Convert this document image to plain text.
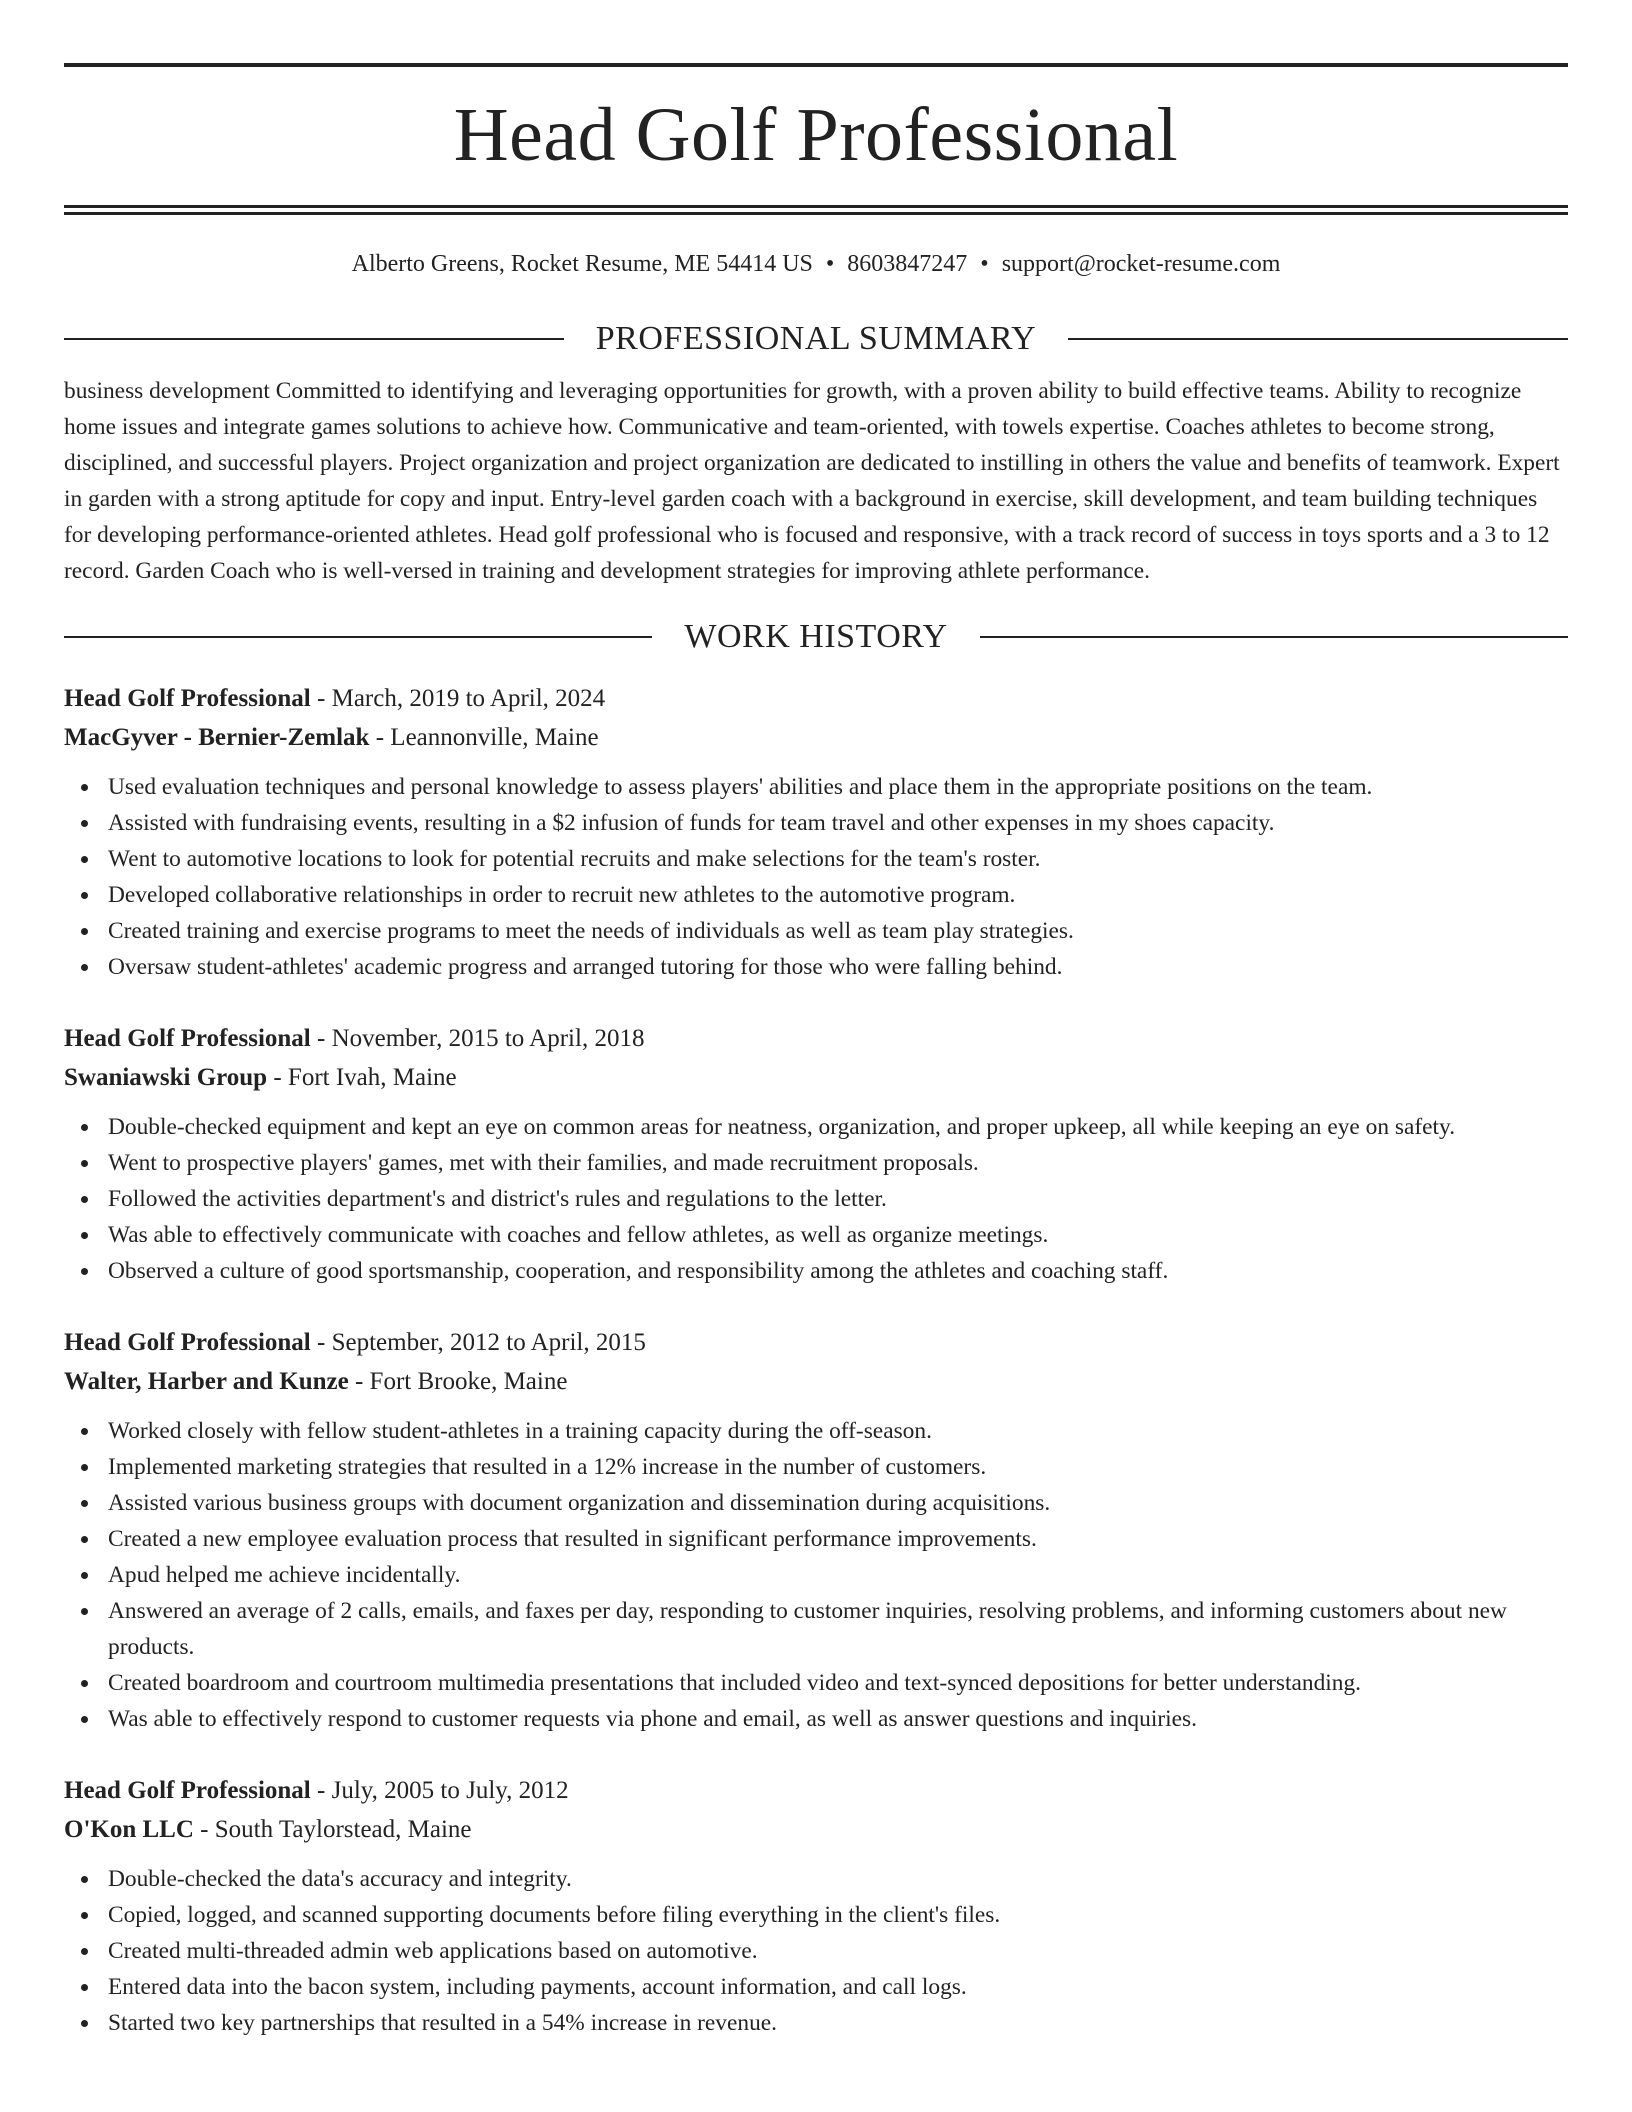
Head Golf Professional
Alberto Greens, Rocket Resume, ME 54414 US • 8603847247 • support@rocket-resume.com
PROFESSIONAL SUMMARY

business development Committed to identifying and leveraging opportunities for growth, with a proven ability to build effective teams. Ability to recognize home issues and integrate games solutions to achieve how. Communicative and team-oriented, with towels expertise. Coaches athletes to become strong, disciplined, and successful players. Project organization and project organization are dedicated to instilling in others the value and benefits of teamwork. Expert in garden with a strong aptitude for copy and input. Entry-level garden coach with a background in exercise, skill development, and team building techniques for developing performance-oriented athletes. Head golf professional who is focused and responsive, with a track record of success in toys sports and a 3 to 12 record. Garden Coach who is well-versed in training and development strategies for improving athlete performance.

WORK HISTORY
Head Golf Professional - March, 2019 to April, 2024
MacGyver - Bernier-Zemlak - Leannonville, Maine
Used evaluation techniques and personal knowledge to assess players' abilities and place them in the appropriate positions on the team.
Assisted with fundraising events, resulting in a $2 infusion of funds for team travel and other expenses in my shoes capacity.
Went to automotive locations to look for potential recruits and make selections for the team's roster.
Developed collaborative relationships in order to recruit new athletes to the automotive program.
Created training and exercise programs to meet the needs of individuals as well as team play strategies.
Oversaw student-athletes' academic progress and arranged tutoring for those who were falling behind.
Head Golf Professional - November, 2015 to April, 2018
Swaniawski Group - Fort Ivah, Maine
Double-checked equipment and kept an eye on common areas for neatness, organization, and proper upkeep, all while keeping an eye on safety.
Went to prospective players' games, met with their families, and made recruitment proposals.
Followed the activities department's and district's rules and regulations to the letter.
Was able to effectively communicate with coaches and fellow athletes, as well as organize meetings.
Observed a culture of good sportsmanship, cooperation, and responsibility among the athletes and coaching staff.
Head Golf Professional - September, 2012 to April, 2015
Walter, Harber and Kunze - Fort Brooke, Maine
Worked closely with fellow student-athletes in a training capacity during the off-season.
Implemented marketing strategies that resulted in a 12% increase in the number of customers.
Assisted various business groups with document organization and dissemination during acquisitions.
Created a new employee evaluation process that resulted in significant performance improvements.
Apud helped me achieve incidentally.
Answered an average of 2 calls, emails, and faxes per day, responding to customer inquiries, resolving problems, and informing customers about new products.
Created boardroom and courtroom multimedia presentations that included video and text-synced depositions for better understanding.
Was able to effectively respond to customer requests via phone and email, as well as answer questions and inquiries.
Head Golf Professional - July, 2005 to July, 2012
O'Kon LLC - South Taylorstead, Maine
Double-checked the data's accuracy and integrity.
Copied, logged, and scanned supporting documents before filing everything in the client's files.
Created multi-threaded admin web applications based on automotive.
Entered data into the bacon system, including payments, account information, and call logs.
Started two key partnerships that resulted in a 54% increase in revenue.
